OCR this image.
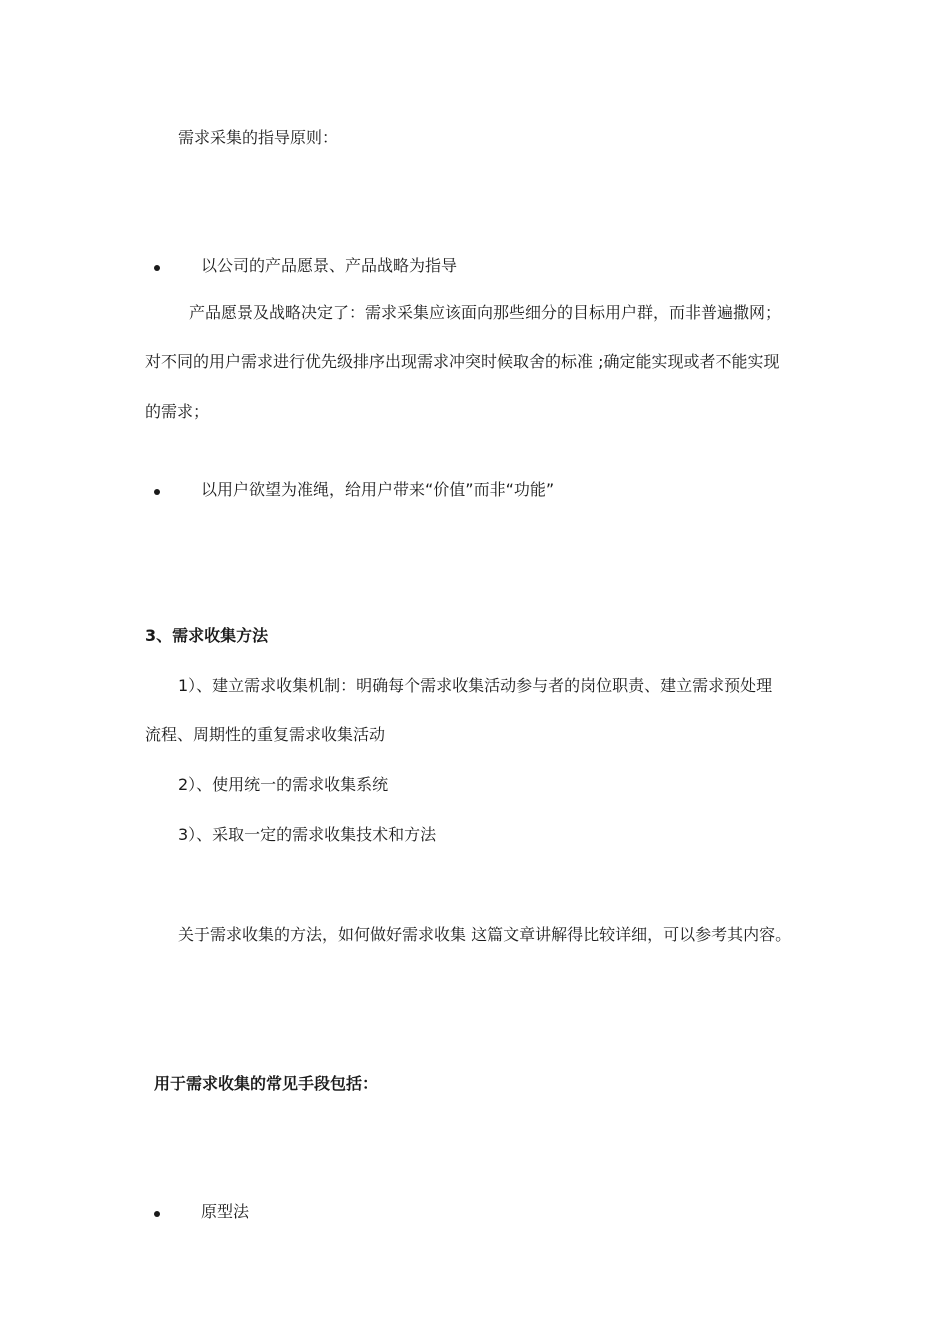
需求采集的指导原则：
以公司的产品愿景、产品战略为指导
产品愿景及战略决定了：需求采集应该面向那些细分的目标用户群，而非普遍撒网；
对不同的用户需求进行优先级排序出现需求冲突时候取舍的标准 ;确定能实现或者不能实现
的需求；
以用户欲望为准绳，给用户带来“价值”而非“功能”
3、需求收集方法
1）、建立需求收集机制：明确每个需求收集活动参与者的岗位职责、建立需求预处理
流程、周期性的重复需求收集活动
2）、使用统一的需求收集系统
3）、采取一定的需求收集技术和方法
关于需求收集的方法，如何做好需求收集 这篇文章讲解得比较详细，可以参考其内容。
用于需求收集的常见手段包括：
原型法
